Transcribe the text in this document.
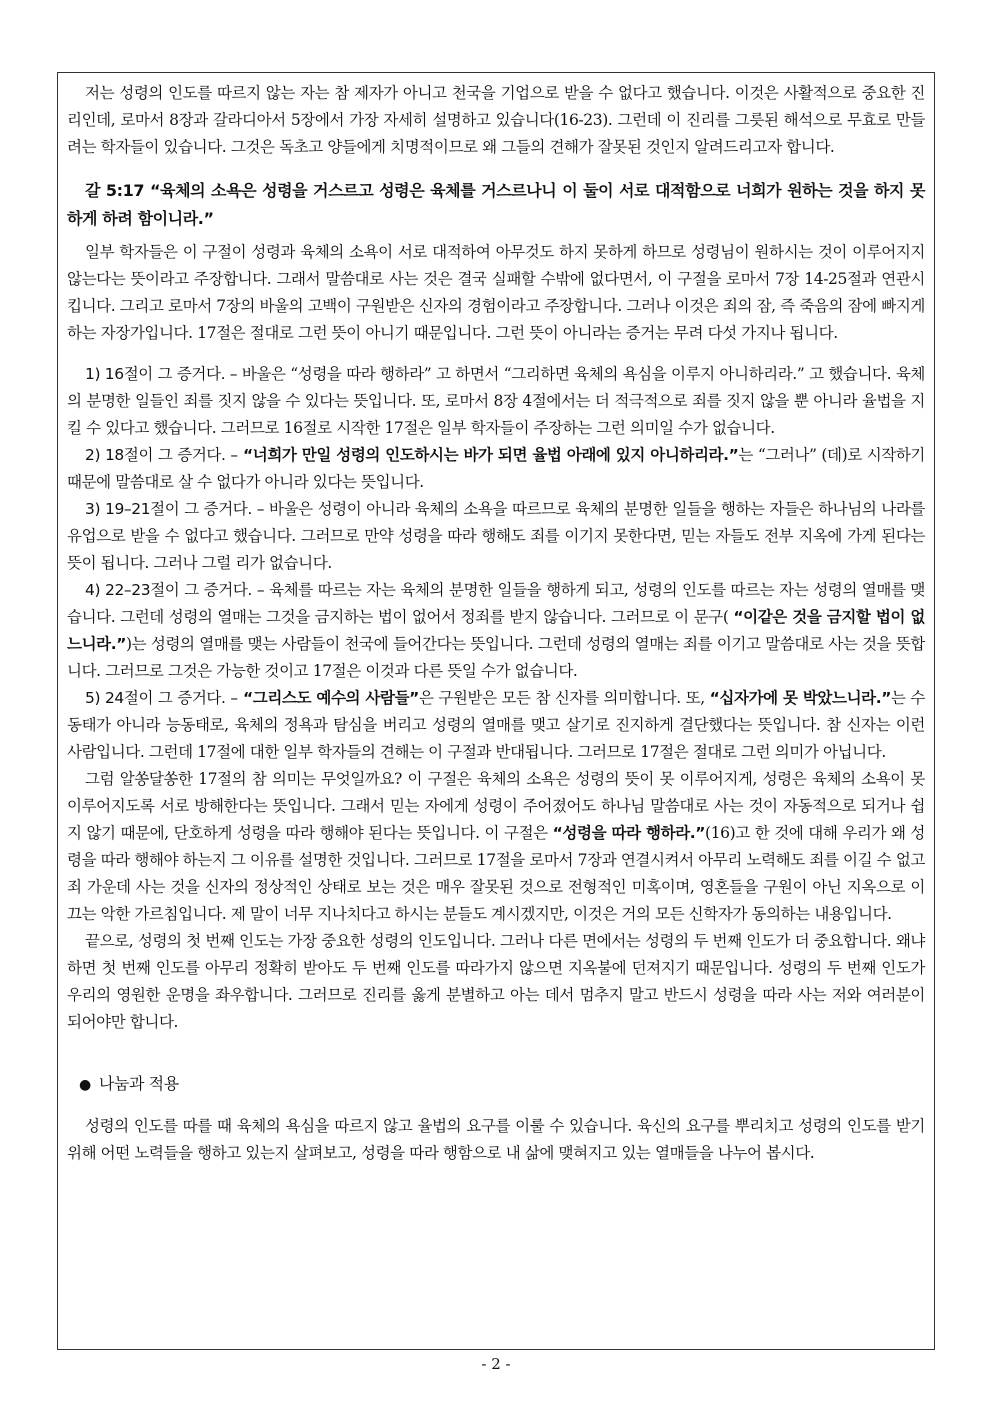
저는 성령의 인도를 따르지 않는 자는 참 제자가 아니고 천국을 기업으로 받을 수 없다고 했습니다. 이것은 사활적으로 중요한 진리인데, 로마서 8장과 갈라디아서 5장에서 가장 자세히 설명하고 있습니다(16-23). 그런데 이 진리를 그릇된 해석으로 무효로 만들려는 학자들이 있습니다. 그것은 독초고 양들에게 치명적이므로 왜 그들의 견해가 잘못된 것인지 알려드리고자 합니다.

갈 5:17 “육체의 소욕은 성령을 거스르고 성령은 육체를 거스르나니 이 둘이 서로 대적함으로 너희가 원하는 것을 하지 못하게 하려 함이니라.”

일부 학자들은 이 구절이 성령과 육체의 소욕이 서로 대적하여 아무것도 하지 못하게 하므로 성령님이 원하시는 것이 이루어지지 않는다는 뜻이라고 주장합니다. 그래서 말씀대로 사는 것은 결국 실패할 수밖에 없다면서, 이 구절을 로마서 7장 14-25절과 연관시킵니다. 그리고 로마서 7장의 바울의 고백이 구원받은 신자의 경험이라고 주장합니다. 그러나 이것은 죄의 잠, 즉 죽음의 잠에 빠지게 하는 자장가입니다. 17절은 절대로 그런 뜻이 아니기 때문입니다. 그런 뜻이 아니라는 증거는 무려 다섯 가지나 됩니다.

1) 16절이 그 증거다. – 바울은 “성령을 따라 행하라” 고 하면서 “그리하면 육체의 욕심을 이루지 아니하리라.” 고 했습니다. 육체의 분명한 일들인 죄를 짓지 않을 수 있다는 뜻입니다. 또, 로마서 8장 4절에서는 더 적극적으로 죄를 짓지 않을 뿐 아니라 율법을 지킬 수 있다고 했습니다. 그러므로 16절로 시작한 17절은 일부 학자들이 주장하는 그런 의미일 수가 없습니다.

2) 18절이 그 증거다. – “너희가 만일 성령의 인도하시는 바가 되면 율법 아래에 있지 아니하리라.”는 “그러나” (데)로 시작하기 때문에 말씀대로 살 수 없다가 아니라 있다는 뜻입니다.

3) 19–21절이 그 증거다. – 바울은 성령이 아니라 육체의 소욕을 따르므로 육체의 분명한 일들을 행하는 자들은 하나님의 나라를 유업으로 받을 수 없다고 했습니다. 그러므로 만약 성령을 따라 행해도 죄를 이기지 못한다면, 믿는 자들도 전부 지옥에 가게 된다는 뜻이 됩니다. 그러나 그럴 리가 없습니다.

4) 22–23절이 그 증거다. – 육체를 따르는 자는 육체의 분명한 일들을 행하게 되고, 성령의 인도를 따르는 자는 성령의 열매를 맺습니다. 그런데 성령의 열매는 그것을 금지하는 법이 없어서 정죄를 받지 않습니다. 그러므로 이 문구( “이같은 것을 금지할 법이 없느니라.”)는 성령의 열매를 맺는 사람들이 천국에 들어간다는 뜻입니다. 그런데 성령의 열매는 죄를 이기고 말씀대로 사는 것을 뜻합니다. 그러므로 그것은 가능한 것이고 17절은 이것과 다른 뜻일 수가 없습니다.

5) 24절이 그 증거다. – “그리스도 예수의 사람들”은 구원받은 모든 참 신자를 의미합니다. 또, “십자가에 못 박았느니라.”는 수동태가 아니라 능동태로, 육체의 정욕과 탐심을 버리고 성령의 열매를 맺고 살기로 진지하게 결단했다는 뜻입니다. 참 신자는 이런 사람입니다. 그런데 17절에 대한 일부 학자들의 견해는 이 구절과 반대됩니다. 그러므로 17절은 절대로 그런 의미가 아닙니다.

그럼 알쏭달쏭한 17절의 참 의미는 무엇일까요? 이 구절은 육체의 소욕은 성령의 뜻이 못 이루어지게, 성령은 육체의 소욕이 못 이루어지도록 서로 방해한다는 뜻입니다. 그래서 믿는 자에게 성령이 주어졌어도 하나님 말씀대로 사는 것이 자동적으로 되거나 쉽지 않기 때문에, 단호하게 성령을 따라 행해야 된다는 뜻입니다. 이 구절은 “성령을 따라 행하라.”(16)고 한 것에 대해 우리가 왜 성령을 따라 행해야 하는지 그 이유를 설명한 것입니다. 그러므로 17절을 로마서 7장과 연결시켜서 아무리 노력해도 죄를 이길 수 없고 죄 가운데 사는 것을 신자의 정상적인 상태로 보는 것은 매우 잘못된 것으로 전형적인 미혹이며, 영혼들을 구원이 아닌 지옥으로 이끄는 악한 가르침입니다. 제 말이 너무 지나치다고 하시는 분들도 계시겠지만, 이것은 거의 모든 신학자가 동의하는 내용입니다.

끝으로, 성령의 첫 번째 인도는 가장 중요한 성령의 인도입니다. 그러나 다른 면에서는 성령의 두 번째 인도가 더 중요합니다. 왜냐하면 첫 번째 인도를 아무리 정확히 받아도 두 번째 인도를 따라가지 않으면 지옥불에 던져지기 때문입니다. 성령의 두 번째 인도가 우리의 영원한 운명을 좌우합니다. 그러므로 진리를 옳게 분별하고 아는 데서 멈추지 말고 반드시 성령을 따라 사는 저와 여러분이 되어야만 합니다.

● 나눔과 적용

성령의 인도를 따를 때 육체의 욕심을 따르지 않고 율법의 요구를 이룰 수 있습니다. 육신의 요구를 뿌리치고 성령의 인도를 받기 위해 어떤 노력들을 행하고 있는지 살펴보고, 성령을 따라 행함으로 내 삶에 맺혀지고 있는 열매들을 나누어 봅시다.

- 2 -
